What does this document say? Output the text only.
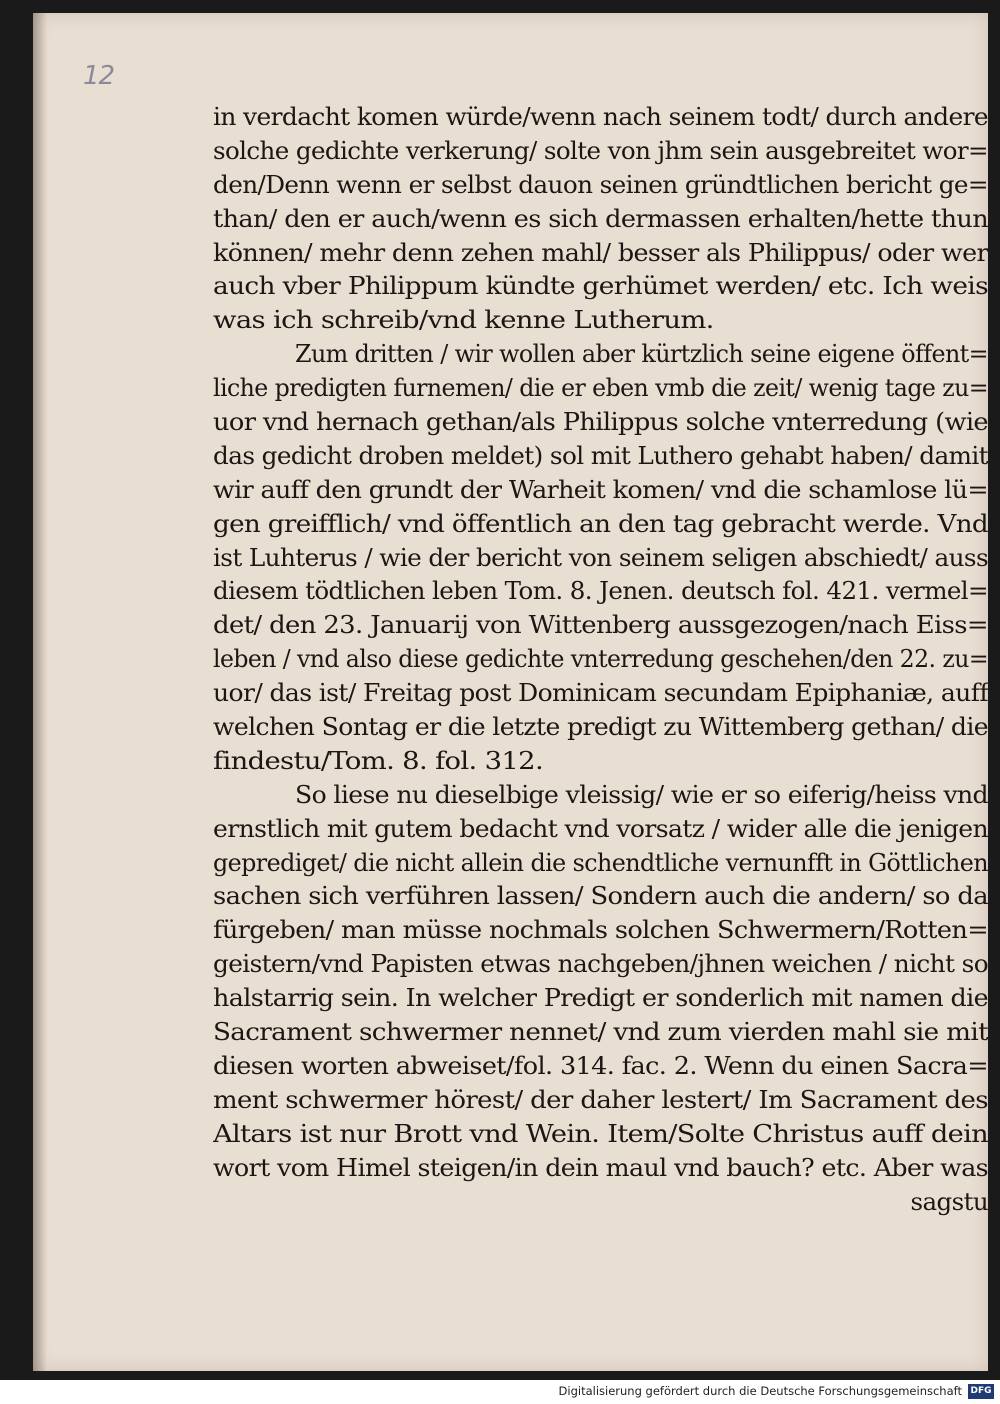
12
in verdacht komen würde/wenn nach seinem todt/ durch andere
solche gedichte verkerung/ solte von jhm sein ausgebreitet wor=
den/Denn wenn er selbst dauon seinen gründtlichen bericht ge=
than/ den er auch/wenn es sich dermassen erhalten/hette thun
können/ mehr denn zehen mahl/ besser als Philippus/ oder wer
auch vber Philippum kündte gerhümet werden/ etc. Ich weis
was ich schreib/vnd kenne Lutherum.
Zum dritten / wir wollen aber kürtzlich seine eigene öffent=
liche predigten furnemen/ die er eben vmb die zeit/ wenig tage zu=
uor vnd hernach gethan/als Philippus solche vnterredung (wie
das gedicht droben meldet) sol mit Luthero gehabt haben/ damit
wir auff den grundt der Warheit komen/ vnd die schamlose lü=
gen greifflich/ vnd öffentlich an den tag gebracht werde. Vnd
ist Luhterus / wie der bericht von seinem seligen abschiedt/ auss
diesem tödtlichen leben Tom. 8. Jenen. deutsch fol. 421. vermel=
det/ den 23. Januarij von Wittenberg aussgezogen/nach Eiss=
leben / vnd also diese gedichte vnterredung geschehen/den 22. zu=
uor/ das ist/ Freitag post Dominicam secundam Epiphaniæ, auff
welchen Sontag er die letzte predigt zu Wittemberg gethan/ die
findestu/Tom. 8. fol. 312.
So liese nu dieselbige vleissig/ wie er so eiferig/heiss vnd
ernstlich mit gutem bedacht vnd vorsatz / wider alle die jenigen
geprediget/ die nicht allein die schendtliche vernunfft in Göttlichen
sachen sich verführen lassen/ Sondern auch die andern/ so da
fürgeben/ man müsse nochmals solchen Schwermern/Rotten=
geistern/vnd Papisten etwas nachgeben/jhnen weichen / nicht so
halstarrig sein. In welcher Predigt er sonderlich mit namen die
Sacrament schwermer nennet/ vnd zum vierden mahl sie mit
diesen worten abweiset/fol. 314. fac. 2. Wenn du einen Sacra=
ment schwermer hörest/ der daher lestert/ Im Sacrament des
Altars ist nur Brott vnd Wein. Item/Solte Christus auff dein
wort vom Himel steigen/in dein maul vnd bauch? etc. Aber was
sagstu
Digitalisierung gefördert durch die Deutsche Forschungsgemeinschaft DFG
